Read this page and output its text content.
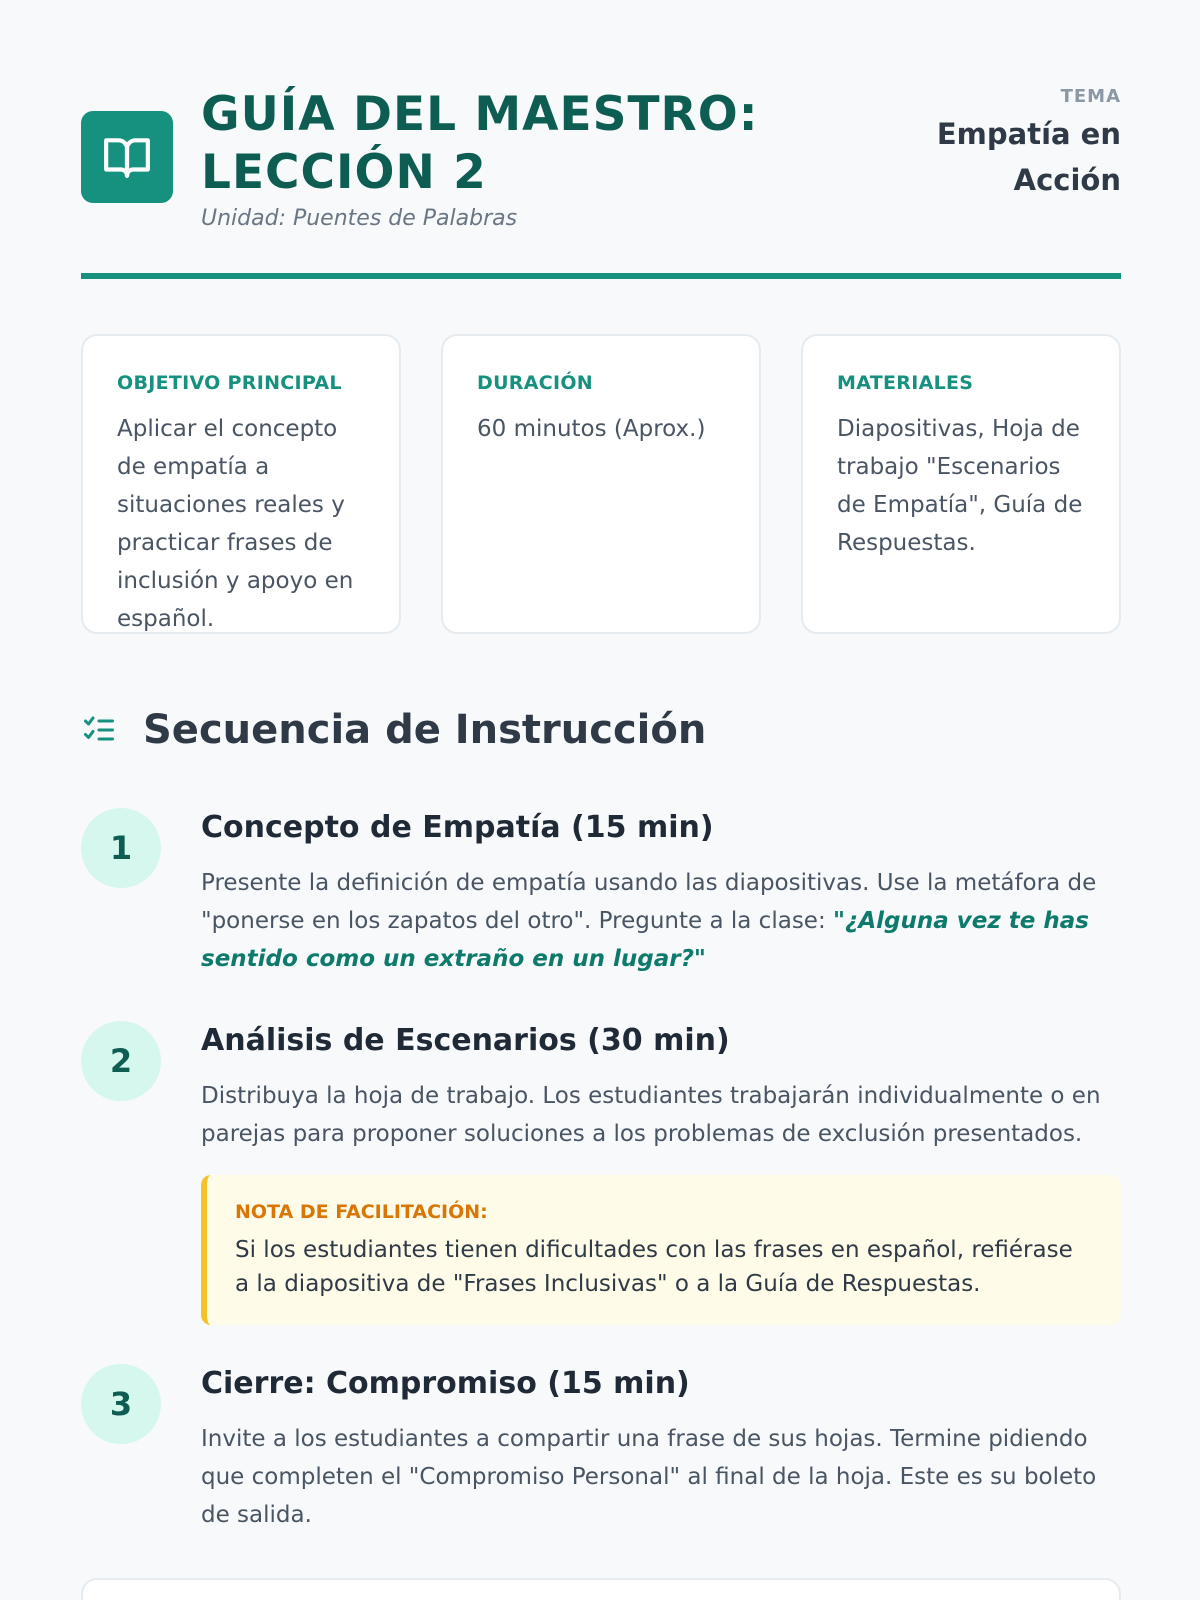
GUÍA DEL MAESTRO:
LECCIÓN 2
Unidad: Puentes de Palabras
TEMA
Empatía en
Acción
OBJETIVO PRINCIPAL
Aplicar el concepto de empatía a situaciones reales y practicar frases de inclusión y apoyo en español.
DURACIÓN
60 minutos (Aprox.)
MATERIALES
Diapositivas, Hoja de trabajo "Escenarios de Empatía", Guía de Respuestas.
Secuencia de Instrucción
1
Concepto de Empatía (15 min)
Presente la definición de empatía usando las diapositivas. Use la metáfora de "ponerse en los zapatos del otro". Pregunte a la clase: "¿Alguna vez te has sentido como un extraño en un lugar?"
2
Análisis de Escenarios (30 min)
Distribuya la hoja de trabajo. Los estudiantes trabajarán individualmente o en parejas para proponer soluciones a los problemas de exclusión presentados.
NOTA DE FACILITACIÓN:
Si los estudiantes tienen dificultades con las frases en español, refiérase a la diapositiva de "Frases Inclusivas" o a la Guía de Respuestas.
3
Cierre: Compromiso (15 min)
Invite a los estudiantes a compartir una frase de sus hojas. Termine pidiendo que completen el "Compromiso Personal" al final de la hoja. Este es su boleto de salida.
